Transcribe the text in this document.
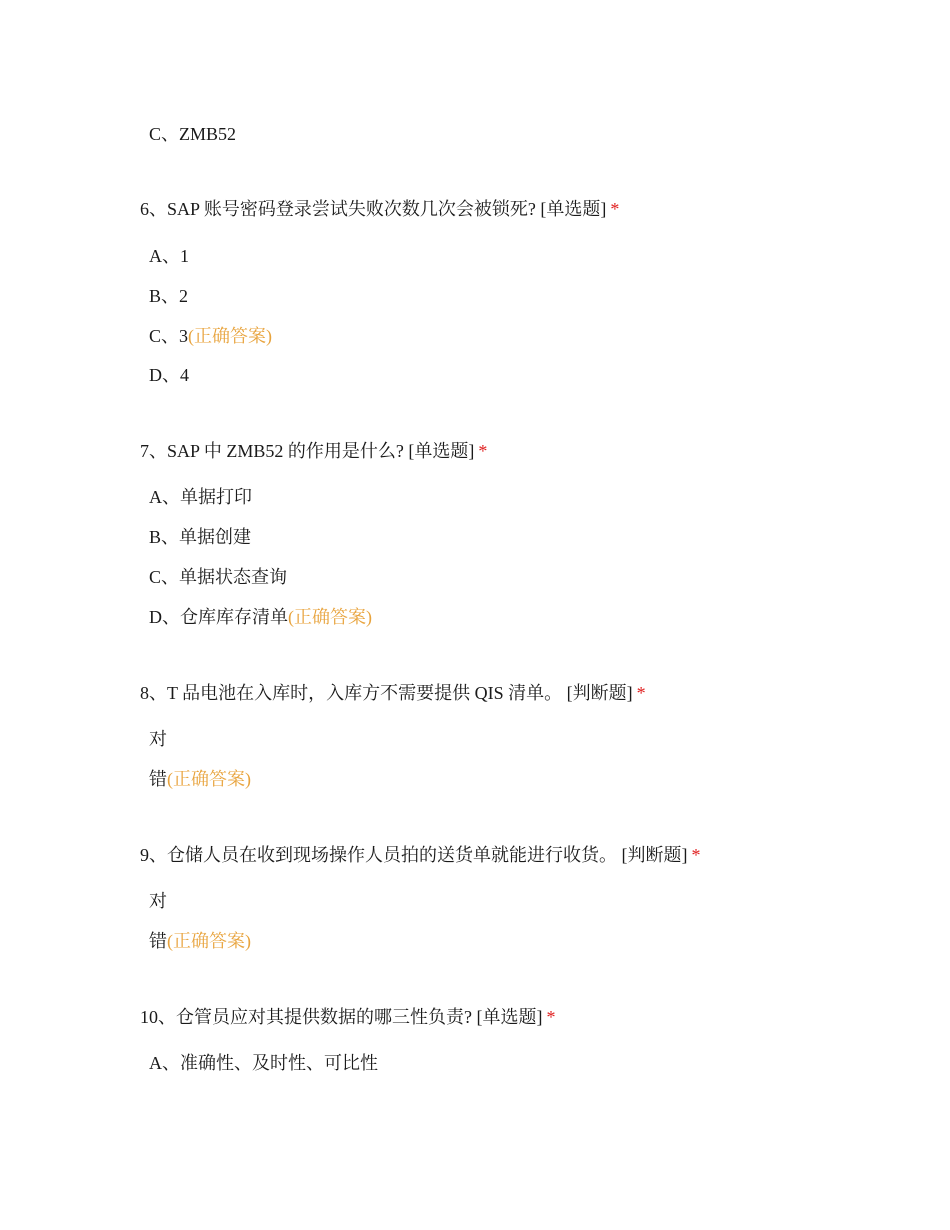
C、ZMB52
6、SAP 账号密码登录尝试失败次数几次会被锁死? [单选题] *
A、1
B、2
C、3(正确答案)
D、4
7、SAP 中 ZMB52 的作用是什么? [单选题] *
A、单据打印
B、单据创建
C、单据状态查询
D、仓库库存清单(正确答案)
8、T 品电池在入库时，入库方不需要提供 QIS 清单。 [判断题] *
对
错(正确答案)
9、仓储人员在收到现场操作人员拍的送货单就能进行收货。 [判断题] *
对
错(正确答案)
10、仓管员应对其提供数据的哪三性负责? [单选题] *
A、准确性、及时性、可比性
